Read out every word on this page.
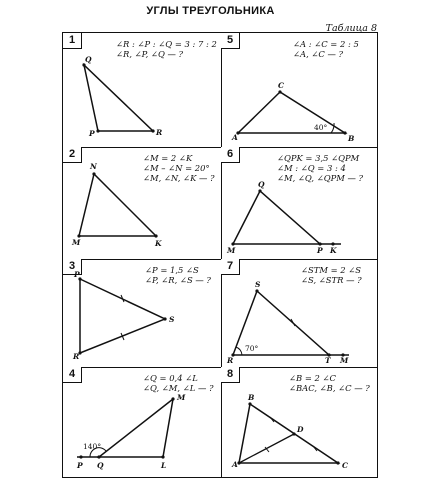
УГЛЫ ТРЕУГОЛЬНИКА
Таблица 8
1	∠R : ∠P : ∠Q = 3 : 7 : 2
∠R, ∠P, ∠Q — ?
Q
P	R
5	∠A : ∠C = 2 : 5
∠A, ∠C — ?
C
A	B
40°
2	∠M = 2 ∠K
∠M – ∠N = 20°
∠M, ∠N, ∠K — ?
N
M	K
6	∠QPK = 3,5 ∠QPM
∠M : ∠Q = 3 : 4
∠M, ∠Q, ∠QPM — ?
Q
M	P K
3	∠P = 1,5 ∠S
∠P, ∠R, ∠S — ?
P
S
R
7	∠STM = 2 ∠S
∠S, ∠STR — ?
S
R	T M
70°
4	∠Q = 0,4 ∠L
∠Q, ∠M, ∠L — ?
M
P Q	L
140°
8	∠B = 2 ∠C
∠BAC, ∠B, ∠C — ?
B
D
A	C
